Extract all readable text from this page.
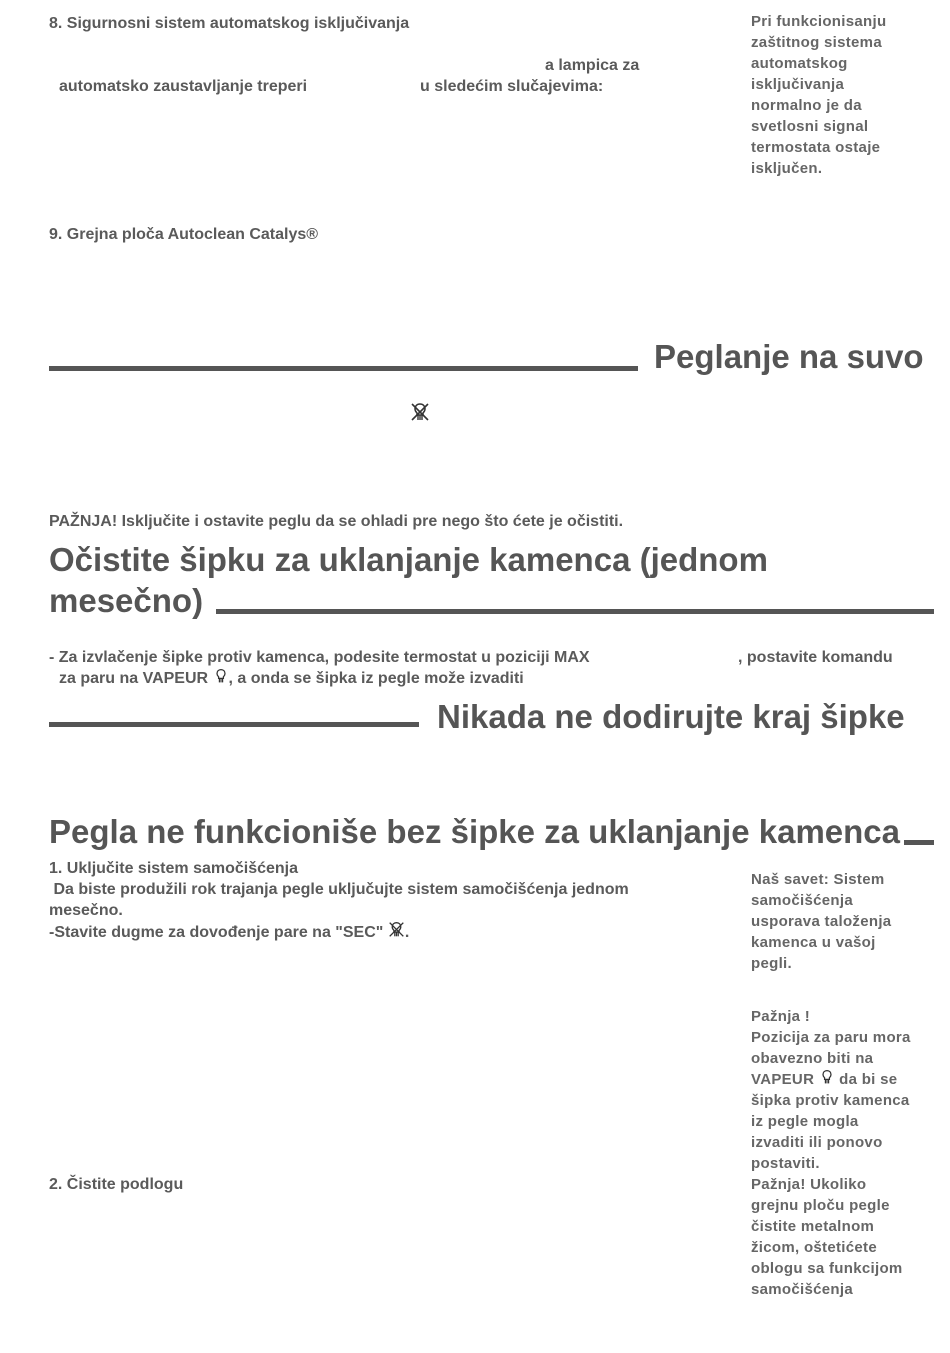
8. Sigurnosni sistem automatskog isključivanja
a lampica za
automatsko zaustavljanje treperi	u sledećim slučajevima:
Pri funkcionisanju
zaštitnog sistema
automatskog
isključivanja
normalno je da
svetlosni signal
termostata ostaje
isključen.
9. Grejna ploča Autoclean Catalys®
Peglanje na suvo
PAŽNJA! Isključite i ostavite peglu da se ohladi pre nego što ćete je očistiti.
Očistite šipku za uklanjanje kamenca (jednom
mesečno)
- Za izvlačenje šipke protiv kamenca, podesite termostat u poziciji MAX	, postavite komandu
za paru na VAPEUR , a onda se šipka iz pegle može izvaditi
Nikada ne dodirujte kraj šipke
Pegla ne funkcioniše bez šipke za uklanjanje kamenca
1. Uključite sistem samočišćenja
Da biste produžili rok trajanja pegle uključujte sistem samočišćenja jednom
mesečno.
-Stavite dugme za dovođenje pare na "SEC" .
Naš savet: Sistem
samočišćenja
usporava taloženja
kamenca u vašoj
pegli.
Pažnja !
Pozicija za paru mora
obavezno biti na
VAPEUR da bi se
šipka protiv kamenca
iz pegle mogla
izvaditi ili ponovo
postaviti.
Pažnja! Ukoliko
grejnu ploču pegle
čistite metalnom
žicom, oštetićete
oblogu sa funkcijom
samočišćenja
2. Čistite podlogu
